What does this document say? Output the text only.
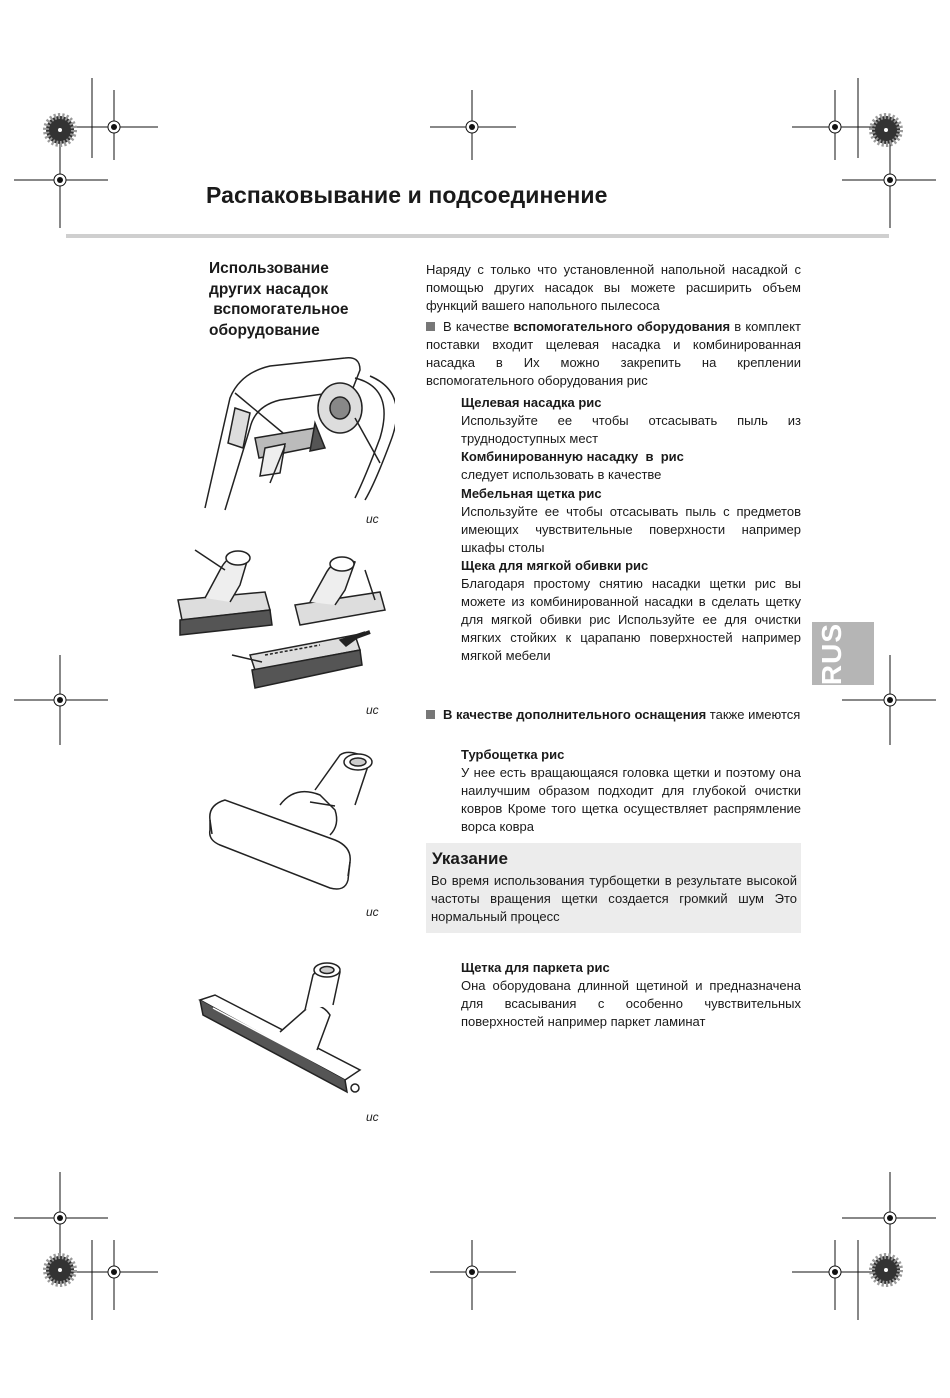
Распаковывание и подсоединение
Использование
других насадок
вспомогательное
оборудование
ис
ис
ис
ис
Наряду с только что установленной напольной насадкой с помощью других насадок вы можете расширить объем функций вашего напольного пылесоса
В качестве вспомогательного оборудования в комплект поставки входит щелевая насадка и комбинированная насадка в Их можно закрепить на креплении вспомогательного оборудования рис
Щелевая насадка рис
Используйте ее чтобы отсасывать пыль из труднодоступных мест
Комбинированную насадку  в  рис
следует использовать в качестве
Мебельная щетка рис
Используйте ее чтобы отсасывать пыль с предметов имеющих чувствительные поверхности например шкафы столы
Щека для мягкой обивки рис
Благодаря простому снятию насадки щетки рис вы можете из комбинированной насадки в сделать щетку для мягкой обивки рис Используйте ее для очистки мягких стойких к царапаню поверхностей например мягкой мебели
В качестве дополнительного оснащения также имеются
Турбощетка рис
У нее есть вращающаяся головка щетки и поэтому она наилучшим образом подходит для глубокой очистки ковров Кроме того щетка осуществляет распрямление ворса ковра
Указание
Во время использования турбощетки в результате высокой частоты вращения щетки создается громкий шум Это нормальный процесс
Щетка для паркета рис
Она оборудована длинной щетиной и предназначена для всасывания с особенно чувствительных поверхностей например паркет ламинат
RUS
